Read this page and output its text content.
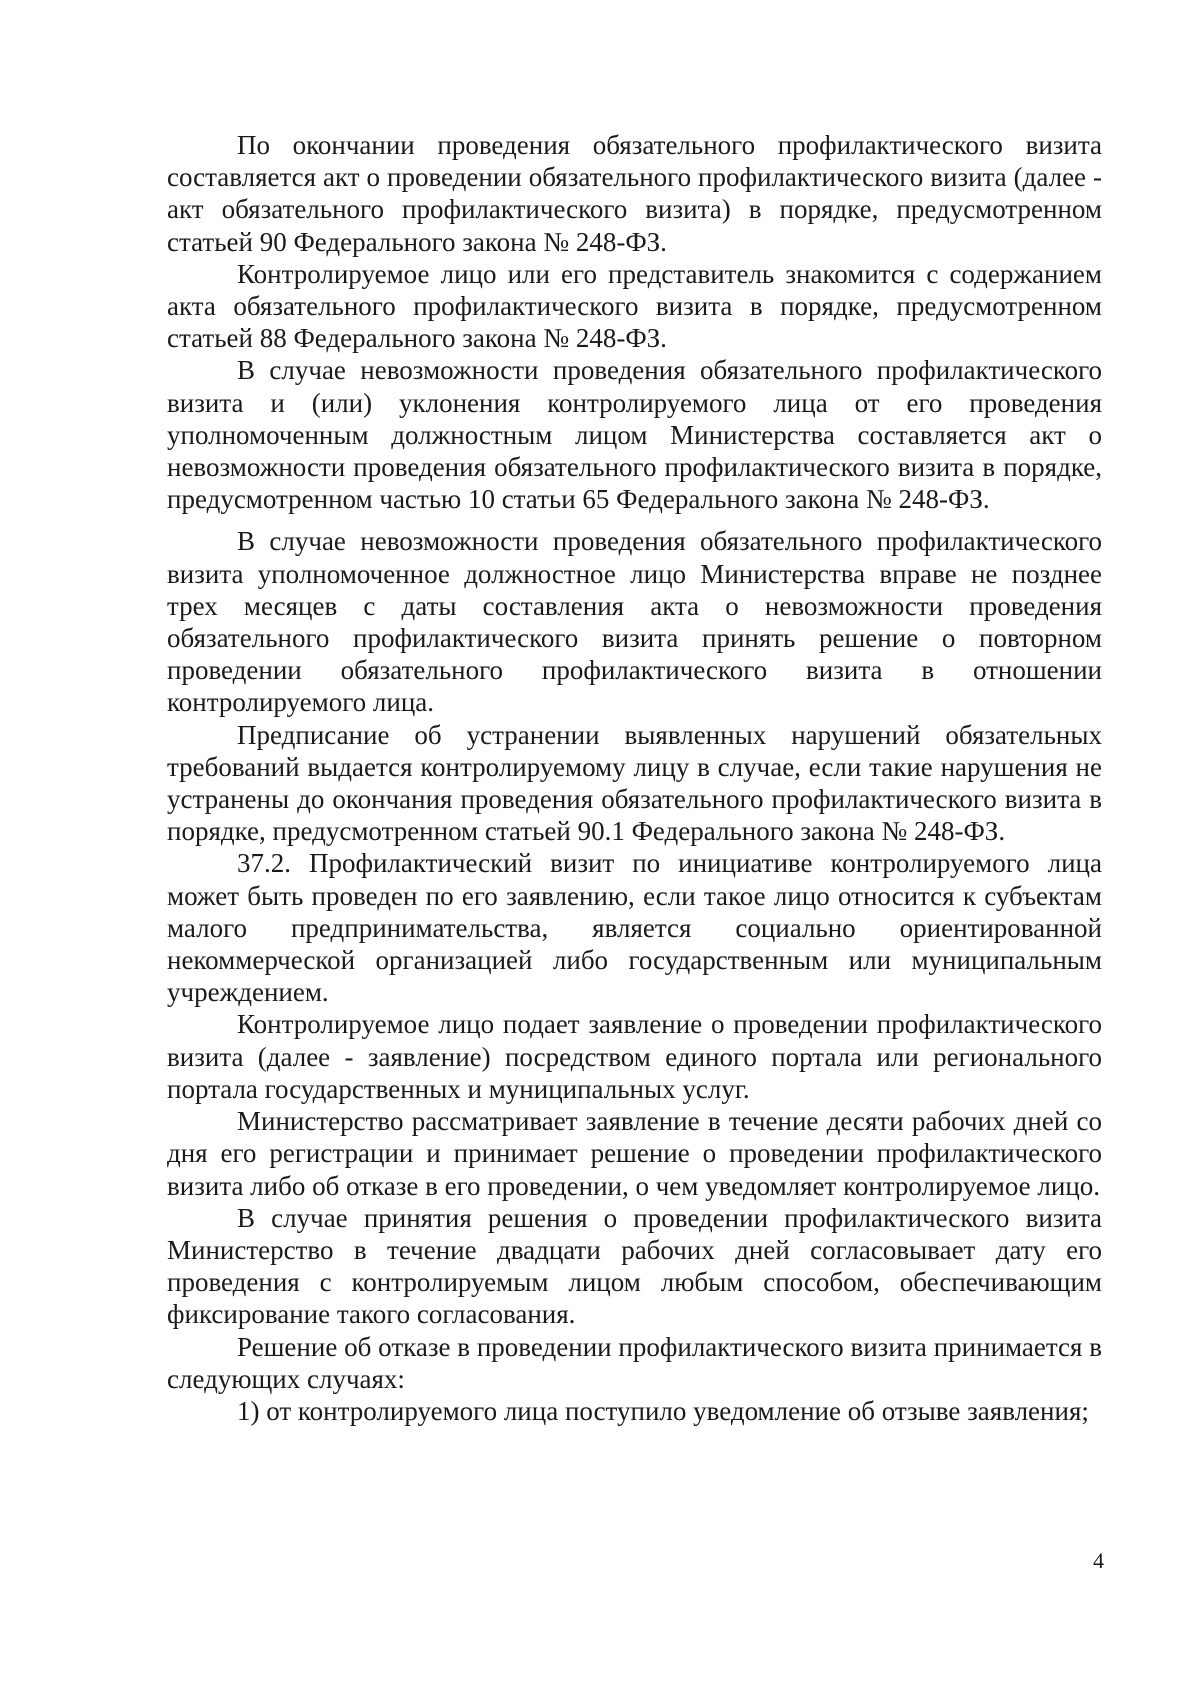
По окончании проведения обязательного профилактического визита составляется акт о проведении обязательного профилактического визита (далее - акт обязательного профилактического визита) в порядке, предусмотренном статьей 90 Федерального закона № 248-ФЗ.

Контролируемое лицо или его представитель знакомится с содержанием акта обязательного профилактического визита в порядке, предусмотренном статьей 88 Федерального закона № 248-ФЗ.

В случае невозможности проведения обязательного профилактического визита и (или) уклонения контролируемого лица от его проведения уполномоченным должностным лицом Министерства составляется акт о невозможности проведения обязательного профилактического визита в порядке, предусмотренном частью 10 статьи 65 Федерального закона № 248-ФЗ.

В случае невозможности проведения обязательного профилактического визита уполномоченное должностное лицо Министерства вправе не позднее трех месяцев с даты составления акта о невозможности проведения обязательного профилактического визита принять решение о повторном проведении обязательного профилактического визита в отношении контролируемого лица.

Предписание об устранении выявленных нарушений обязательных требований выдается контролируемому лицу в случае, если такие нарушения не устранены до окончания проведения обязательного профилактического визита в порядке, предусмотренном статьей 90.1 Федерального закона № 248-ФЗ.

37.2. Профилактический визит по инициативе контролируемого лица может быть проведен по его заявлению, если такое лицо относится к субъектам малого предпринимательства, является социально ориентированной некоммерческой организацией либо государственным или муниципальным учреждением.

Контролируемое лицо подает заявление о проведении профилактического визита (далее - заявление) посредством единого портала или регионального портала государственных и муниципальных услуг.

Министерство рассматривает заявление в течение десяти рабочих дней со дня его регистрации и принимает решение о проведении профилактического визита либо об отказе в его проведении, о чем уведомляет контролируемое лицо.

В случае принятия решения о проведении профилактического визита Министерство в течение двадцати рабочих дней согласовывает дату его проведения с контролируемым лицом любым способом, обеспечивающим фиксирование такого согласования.

Решение об отказе в проведении профилактического визита принимается в следующих случаях:

1) от контролируемого лица поступило уведомление об отзыве заявления;

4
